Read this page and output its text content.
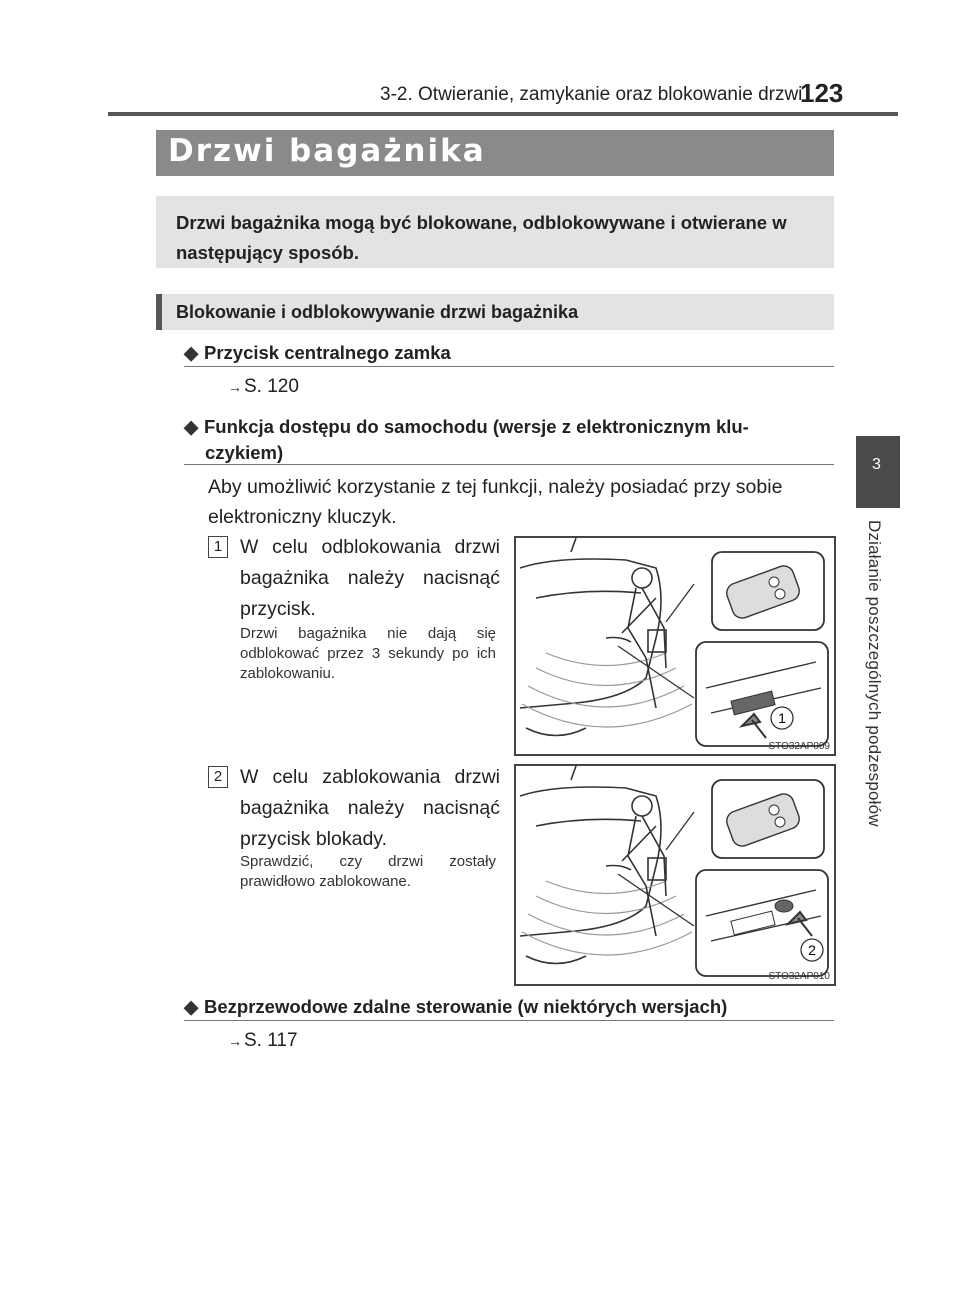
3-2. Otwieranie, zamykanie oraz blokowanie drzwi
123
3
Działanie poszczególnych podzespołów
Drzwi bagażnika
Drzwi bagażnika mogą być blokowane, odblokowywane i otwierane w następujący sposób.
Blokowanie i odblokowywanie drzwi bagażnika
◆ Przycisk centralnego zamka
→ S. 120
◆ Funkcja dostępu do samochodu (wersje z elektronicznym klu-
czykiem)
Aby umożliwić korzystanie z tej funkcji, należy posiadać przy sobie elektroniczny kluczyk.
1 W celu odblokowania drzwi bagażnika należy nacisnąć przycisk.
Drzwi bagażnika nie dają się odblokować przez 3 sekundy po ich zablokowaniu.
1
STO32AP009
2 W celu zablokowania drzwi bagażnika należy nacisnąć przycisk blokady.
Sprawdzić, czy drzwi zostały prawidłowo zablokowane.
2
STO32AP010
◆ Bezprzewodowe zdalne sterowanie (w niektórych wersjach)
→ S. 117
